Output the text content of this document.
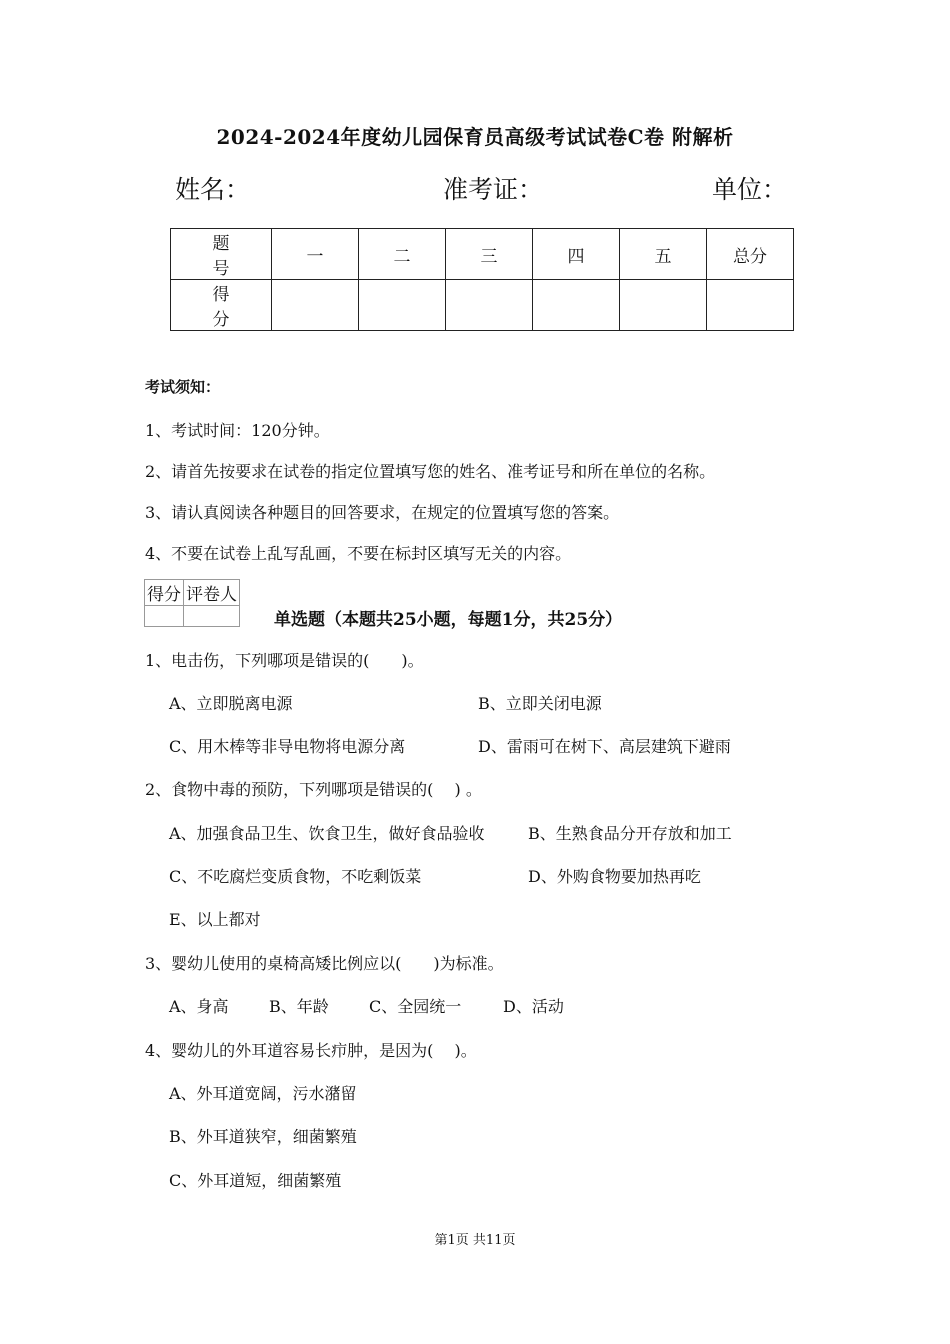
2024-2024年度幼儿园保育员高级考试试卷C卷 附解析
姓名：	准考证：	单位：
题　号	一	二	三	四	五	总分
得　分						
考试须知：
1、考试时间：120分钟。
2、请首先按要求在试卷的指定位置填写您的姓名、准考证号和所在单位的名称。
3、请认真阅读各种题目的回答要求，在规定的位置填写您的答案。
4、不要在试卷上乱写乱画，不要在标封区填写无关的内容。
得分	评卷人

单选题（本题共25小题，每题1分，共25分）
1、电击伤，下列哪项是错误的(　　)。
A、立即脱离电源	B、立即关闭电源
C、用木棒等非导电物将电源分离	D、雷雨可在树下、高层建筑下避雨
2、食物中毒的预防，下列哪项是错误的(　 ) 。
A、加强食品卫生、饮食卫生，做好食品验收	B、生熟食品分开存放和加工
C、不吃腐烂变质食物，不吃剩饭菜	D、外购食物要加热再吃
E、以上都对
3、婴幼儿使用的桌椅高矮比例应以(　　)为标准。
A、身高	B、年龄	C、全园统一	D、活动
4、婴幼儿的外耳道容易长疖肿，是因为(　 )。
A、外耳道宽阔，污水潴留
B、外耳道狭窄，细菌繁殖
C、外耳道短，细菌繁殖
第1页 共11页
